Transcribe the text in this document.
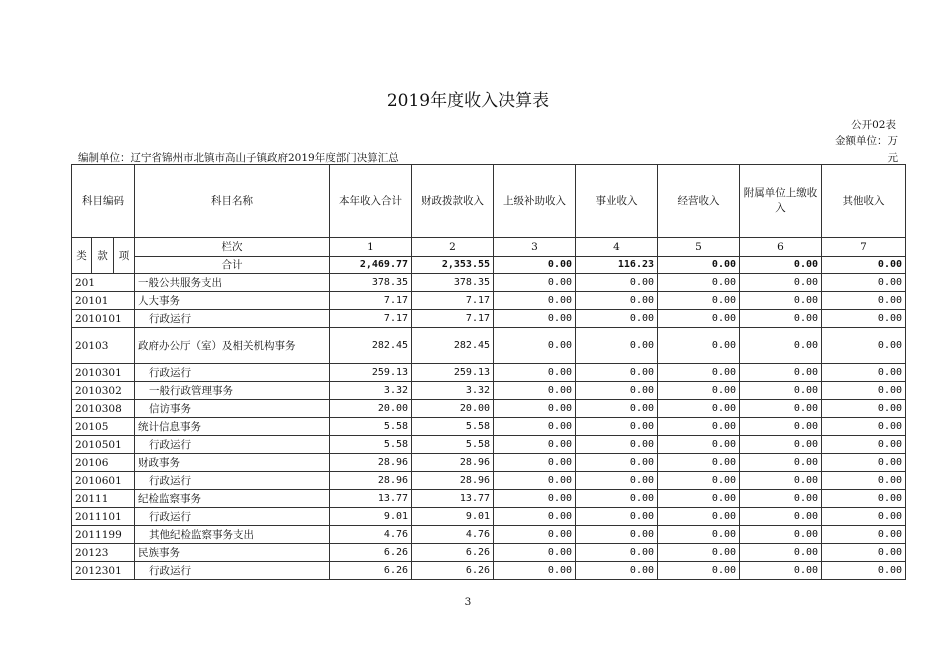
2019年度收入决算表
公开02表
金额单位：万
编制单位：辽宁省锦州市北镇市高山子镇政府2019年度部门决算汇总	元
科目编码			科目名称	本年收入合计	财政拨款收入	上级补助收入	事业收入	经营收入	附属单位上缴收入	其他收入
类	款	项	栏次	1	2	3	4	5	6	7
			合计	2,469.77	2,353.55	0.00	116.23	0.00	0.00	0.00
201			一般公共服务支出	378.35	378.35	0.00	0.00	0.00	0.00	0.00
20101			人大事务	7.17	7.17	0.00	0.00	0.00	0.00	0.00
2010101			行政运行	7.17	7.17	0.00	0.00	0.00	0.00	0.00
20103			政府办公厅（室）及相关机构事务	282.45	282.45	0.00	0.00	0.00	0.00	0.00
2010301			行政运行	259.13	259.13	0.00	0.00	0.00	0.00	0.00
2010302			一般行政管理事务	3.32	3.32	0.00	0.00	0.00	0.00	0.00
2010308			信访事务	20.00	20.00	0.00	0.00	0.00	0.00	0.00
20105			统计信息事务	5.58	5.58	0.00	0.00	0.00	0.00	0.00
2010501			行政运行	5.58	5.58	0.00	0.00	0.00	0.00	0.00
20106			财政事务	28.96	28.96	0.00	0.00	0.00	0.00	0.00
2010601			行政运行	28.96	28.96	0.00	0.00	0.00	0.00	0.00
20111			纪检监察事务	13.77	13.77	0.00	0.00	0.00	0.00	0.00
2011101			行政运行	9.01	9.01	0.00	0.00	0.00	0.00	0.00
2011199			其他纪检监察事务支出	4.76	4.76	0.00	0.00	0.00	0.00	0.00
20123			民族事务	6.26	6.26	0.00	0.00	0.00	0.00	0.00
2012301			行政运行	6.26	6.26	0.00	0.00	0.00	0.00	0.00
3
